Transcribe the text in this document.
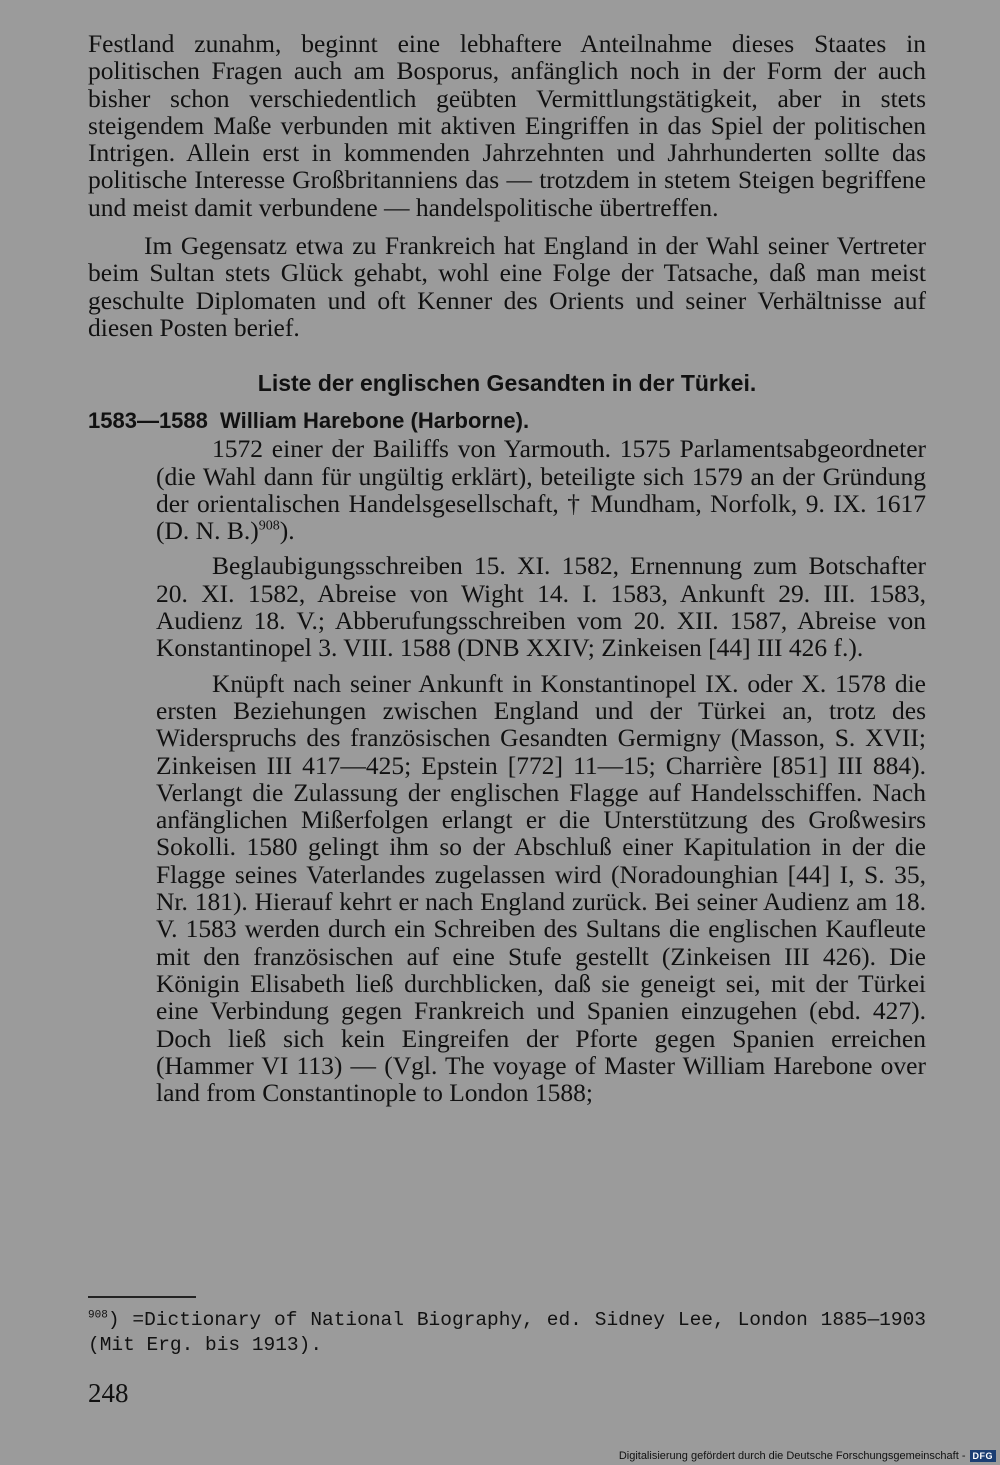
Festland zunahm, beginnt eine lebhaftere Anteilnahme dieses Staates in politischen Fragen auch am Bosporus, anfänglich noch in der Form der auch bisher schon verschiedentlich geübten Vermittlungstätigkeit, aber in stets steigendem Maße verbunden mit aktiven Eingriffen in das Spiel der politischen Intrigen. Allein erst in kommenden Jahrzehnten und Jahrhunderten sollte das politische Interesse Großbritanniens das — trotzdem in stetem Steigen begriffene und meist damit verbundene — handelspolitische übertreffen.

Im Gegensatz etwa zu Frankreich hat England in der Wahl seiner Vertreter beim Sultan stets Glück gehabt, wohl eine Folge der Tatsache, daß man meist geschulte Diplomaten und oft Kenner des Orients und seiner Verhältnisse auf diesen Posten berief.

Liste der englischen Gesandten in der Türkei.
1583—1588 William Harebone (Harborne).

1572 einer der Bailiffs von Yarmouth. 1575 Parlamentsabgeordneter (die Wahl dann für ungültig erklärt), beteiligte sich 1579 an der Gründung der orientalischen Handelsgesellschaft, † Mundham, Norfolk, 9. IX. 1617 (D. N. B.)$^{908}$).

Beglaubigungsschreiben 15. XI. 1582, Ernennung zum Botschafter 20. XI. 1582, Abreise von Wight 14. I. 1583, Ankunft 29. III. 1583, Audienz 18. V.; Abberufungsschreiben vom 20. XII. 1587, Abreise von Konstantinopel 3. VIII. 1588 (DNB XXIV; Zinkeisen [44] III 426 f.).

Knüpft nach seiner Ankunft in Konstantinopel IX. oder X. 1578 die ersten Beziehungen zwischen England und der Türkei an, trotz des Widerspruchs des französischen Gesandten Germigny (Masson, S. XVII; Zinkeisen III 417—425; Epstein [772] 11—15; Charrière [851] III 884). Verlangt die Zulassung der englischen Flagge auf Handelsschiffen. Nach anfänglichen Mißerfolgen erlangt er die Unterstützung des Großwesirs Sokolli. 1580 gelingt ihm so der Abschluß einer Kapitulation in der die Flagge seines Vaterlandes zugelassen wird (Noradounghian [44] I, S. 35, Nr. 181). Hierauf kehrt er nach England zurück. Bei seiner Audienz am 18. V. 1583 werden durch ein Schreiben des Sultans die englischen Kaufleute mit den französischen auf eine Stufe gestellt (Zinkeisen III 426). Die Königin Elisabeth ließ durchblicken, daß sie geneigt sei, mit der Türkei eine Verbindung gegen Frankreich und Spanien einzugehen (ebd. 427). Doch ließ sich kein Eingreifen der Pforte gegen Spanien erreichen (Hammer VI 113) — (Vgl. The voyage of Master William Harebone over land from Constantinople to London 1588;

$^{908}$) =Dictionary of National Biography, ed. Sidney Lee, London 1885—1903 (Mit Erg. bis 1913).

248
Digitalisierung gefördert durch die Deutsche Forschungsgemeinschaft - DFG
